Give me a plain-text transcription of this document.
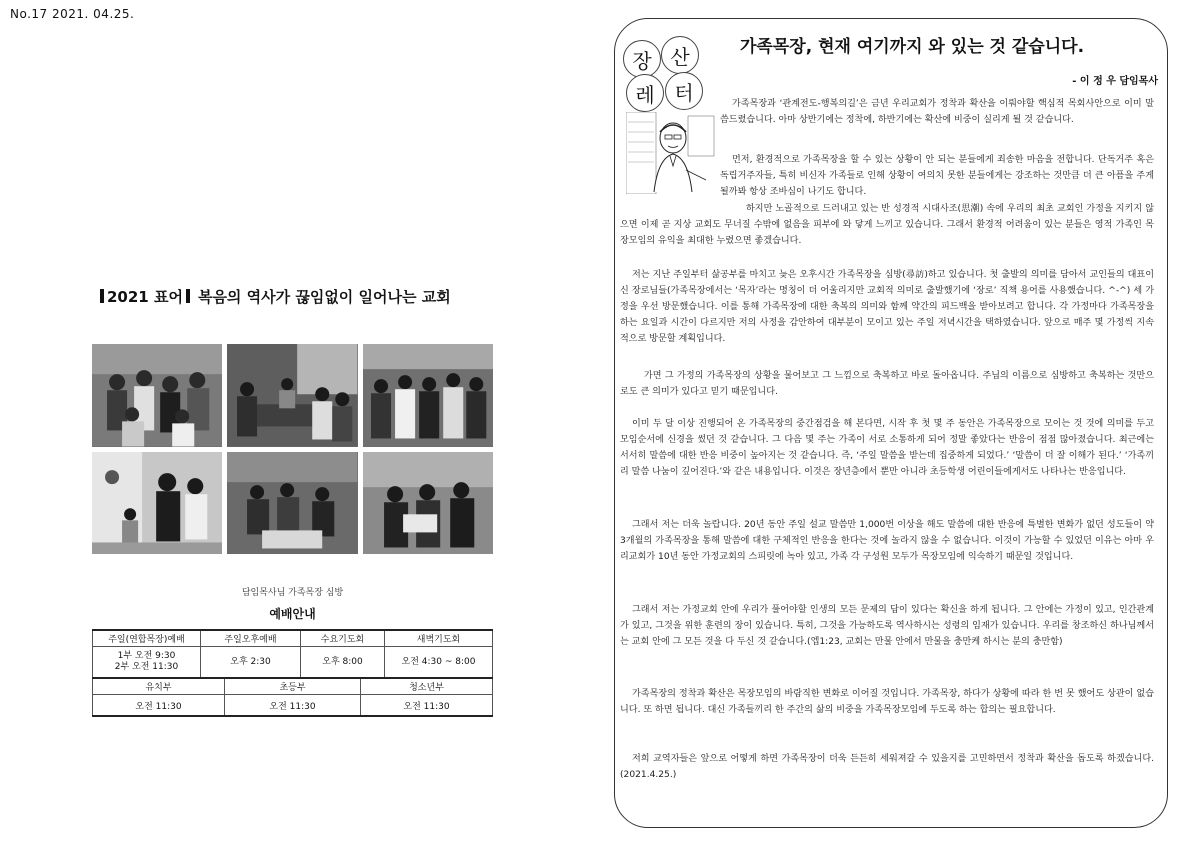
No.17 2021. 04.25.
2021 표어 복음의 역사가 끊임없이 일어나는 교회
담임목사님 가족목장 심방
예배안내
주일(연합목장)예배	주일오후예배	수요기도회	새벽기도회
1부 오전 9:30
2부 오전 11:30	오후 2:30	오후 8:00	오전 4:30 ~ 8:00
유치부	초등부	청소년부
오전 11:30	오전 11:30	오전 11:30
장 산
레 터
가족목장, 현재 여기까지 와 있는 것 같습니다.
- 이 정 우 담임목사
가족목장과 ‘관계전도-행복의길’은 금년 우리교회가 정착과 확산을 이뤄야할 핵심적 목회사안으로 이미 말씀드렸습니다. 아마 상반기에는 정착에, 하반기에는 확산에 비중이 실리게 될 것 같습니다.
먼저, 환경적으로 가족목장을 할 수 있는 상황이 안 되는 분들에게 죄송한 마음을 전합니다. 단독거주 혹은 독립거주자들, 특히 비신자 가족들로 인해 상황이 여의치 못한 분들에게는 강조하는 것만큼 더 큰 아픔을 주게 될까봐 항상 조바심이 나기도 합니다.
하지만 노골적으로 드러내고 있는 반 성경적 시대사조(思潮) 속에 우리의 최초 교회인 가정을 지키지 않으면 이제 곧 지상 교회도 무너질 수밖에 없음을 피부에 와 닿게 느끼고 있습니다. 그래서 환경적 어려움이 있는 분들은 영적 가족인 목장모임의 유익을 최대한 누렸으면 좋겠습니다.
저는 지난 주일부터 삶공부를 마치고 늦은 오후시간 가족목장을 심방(尋訪)하고 있습니다. 첫 출발의 의미를 담아서 교인들의 대표이신 장로님들(가족목장에서는 ‘목자’라는 명칭이 더 어울리지만 교회적 의미로 출발했기에 ‘장로’ 직책 용어를 사용했습니다. ^-^) 세 가정을 우선 방문했습니다. 이를 통해 가족목장에 대한 축복의 의미와 함께 약간의 피드백을 받아보려고 합니다. 각 가정마다 가족목장을 하는 요일과 시간이 다르지만 저의 사정을 감안하여 대부분이 모이고 있는 주일 저녁시간을 택하였습니다. 앞으로 매주 몇 가정씩 지속적으로 방문할 계획입니다.
가면 그 가정의 가족목장의 상황을 물어보고 그 느낌으로 축복하고 바로 돌아옵니다. 주님의 이름으로 심방하고 축복하는 것만으로도 큰 의미가 있다고 믿기 때문입니다.
이미 두 달 이상 진행되어 온 가족목장의 중간점검을 해 본다면, 시작 후 첫 몇 주 동안은 가족목장으로 모이는 것 것에 의미를 두고 모임순서에 신경을 썼던 것 같습니다. 그 다음 몇 주는 가족이 서로 소통하게 되어 정말 좋았다는 반응이 점점 많아졌습니다. 최근에는 서서히 말씀에 대한 반응 비중이 높아지는 것 같습니다. 즉, ‘주일 말씀을 받는데 집중하게 되었다.’ ‘말씀이 더 잘 이해가 된다.’ ‘가족끼리 말씀 나눔이 깊어진다.’와 같은 내용입니다. 이것은 장년층에서 뿐만 아니라 초등학생 어린이들에게서도 나타나는 반응입니다.
그래서 저는 더욱 놀랍니다. 20년 동안 주일 설교 말씀만 1,000번 이상을 해도 말씀에 대한 반응에 특별한 변화가 없던 성도들이 약 3개월의 가족목장을 통해 말씀에 대한 구체적인 반응을 한다는 것에 놀라지 않을 수 없습니다. 이것이 가능할 수 있었던 이유는 아마 우리교회가 10년 동안 가정교회의 스피릿에 녹아 있고, 가족 각 구성원 모두가 목장모임에 익숙하기 때문일 것입니다.
그래서 저는 가정교회 안에 우리가 풀어야할 인생의 모든 문제의 답이 있다는 확신을 하게 됩니다. 그 안에는 가정이 있고, 인간관계가 있고, 그것을 위한 훈련의 장이 있습니다. 특히, 그것을 가능하도록 역사하시는 성령의 임재가 있습니다. 우리를 창조하신 하나님께서는 교회 안에 그 모든 것을 다 두신 것 같습니다.(엡1:23, 교회는 만물 안에서 만물을 충만케 하시는 분의 충만함)
가족목장의 정착과 확산은 목장모임의 바람직한 변화로 이어질 것입니다. 가족목장, 하다가 상황에 따라 한 번 못 했어도 상관이 없습니다. 또 하면 됩니다. 대신 가족들끼리 한 주간의 삶의 비중을 가족목장모임에 두도록 하는 합의는 필요합니다.
저희 교역자들은 앞으로 어떻게 하면 가족목장이 더욱 든든히 세워져갈 수 있을지를 고민하면서 정착과 확산을 돕도록 하겠습니다.(2021.4.25.)
